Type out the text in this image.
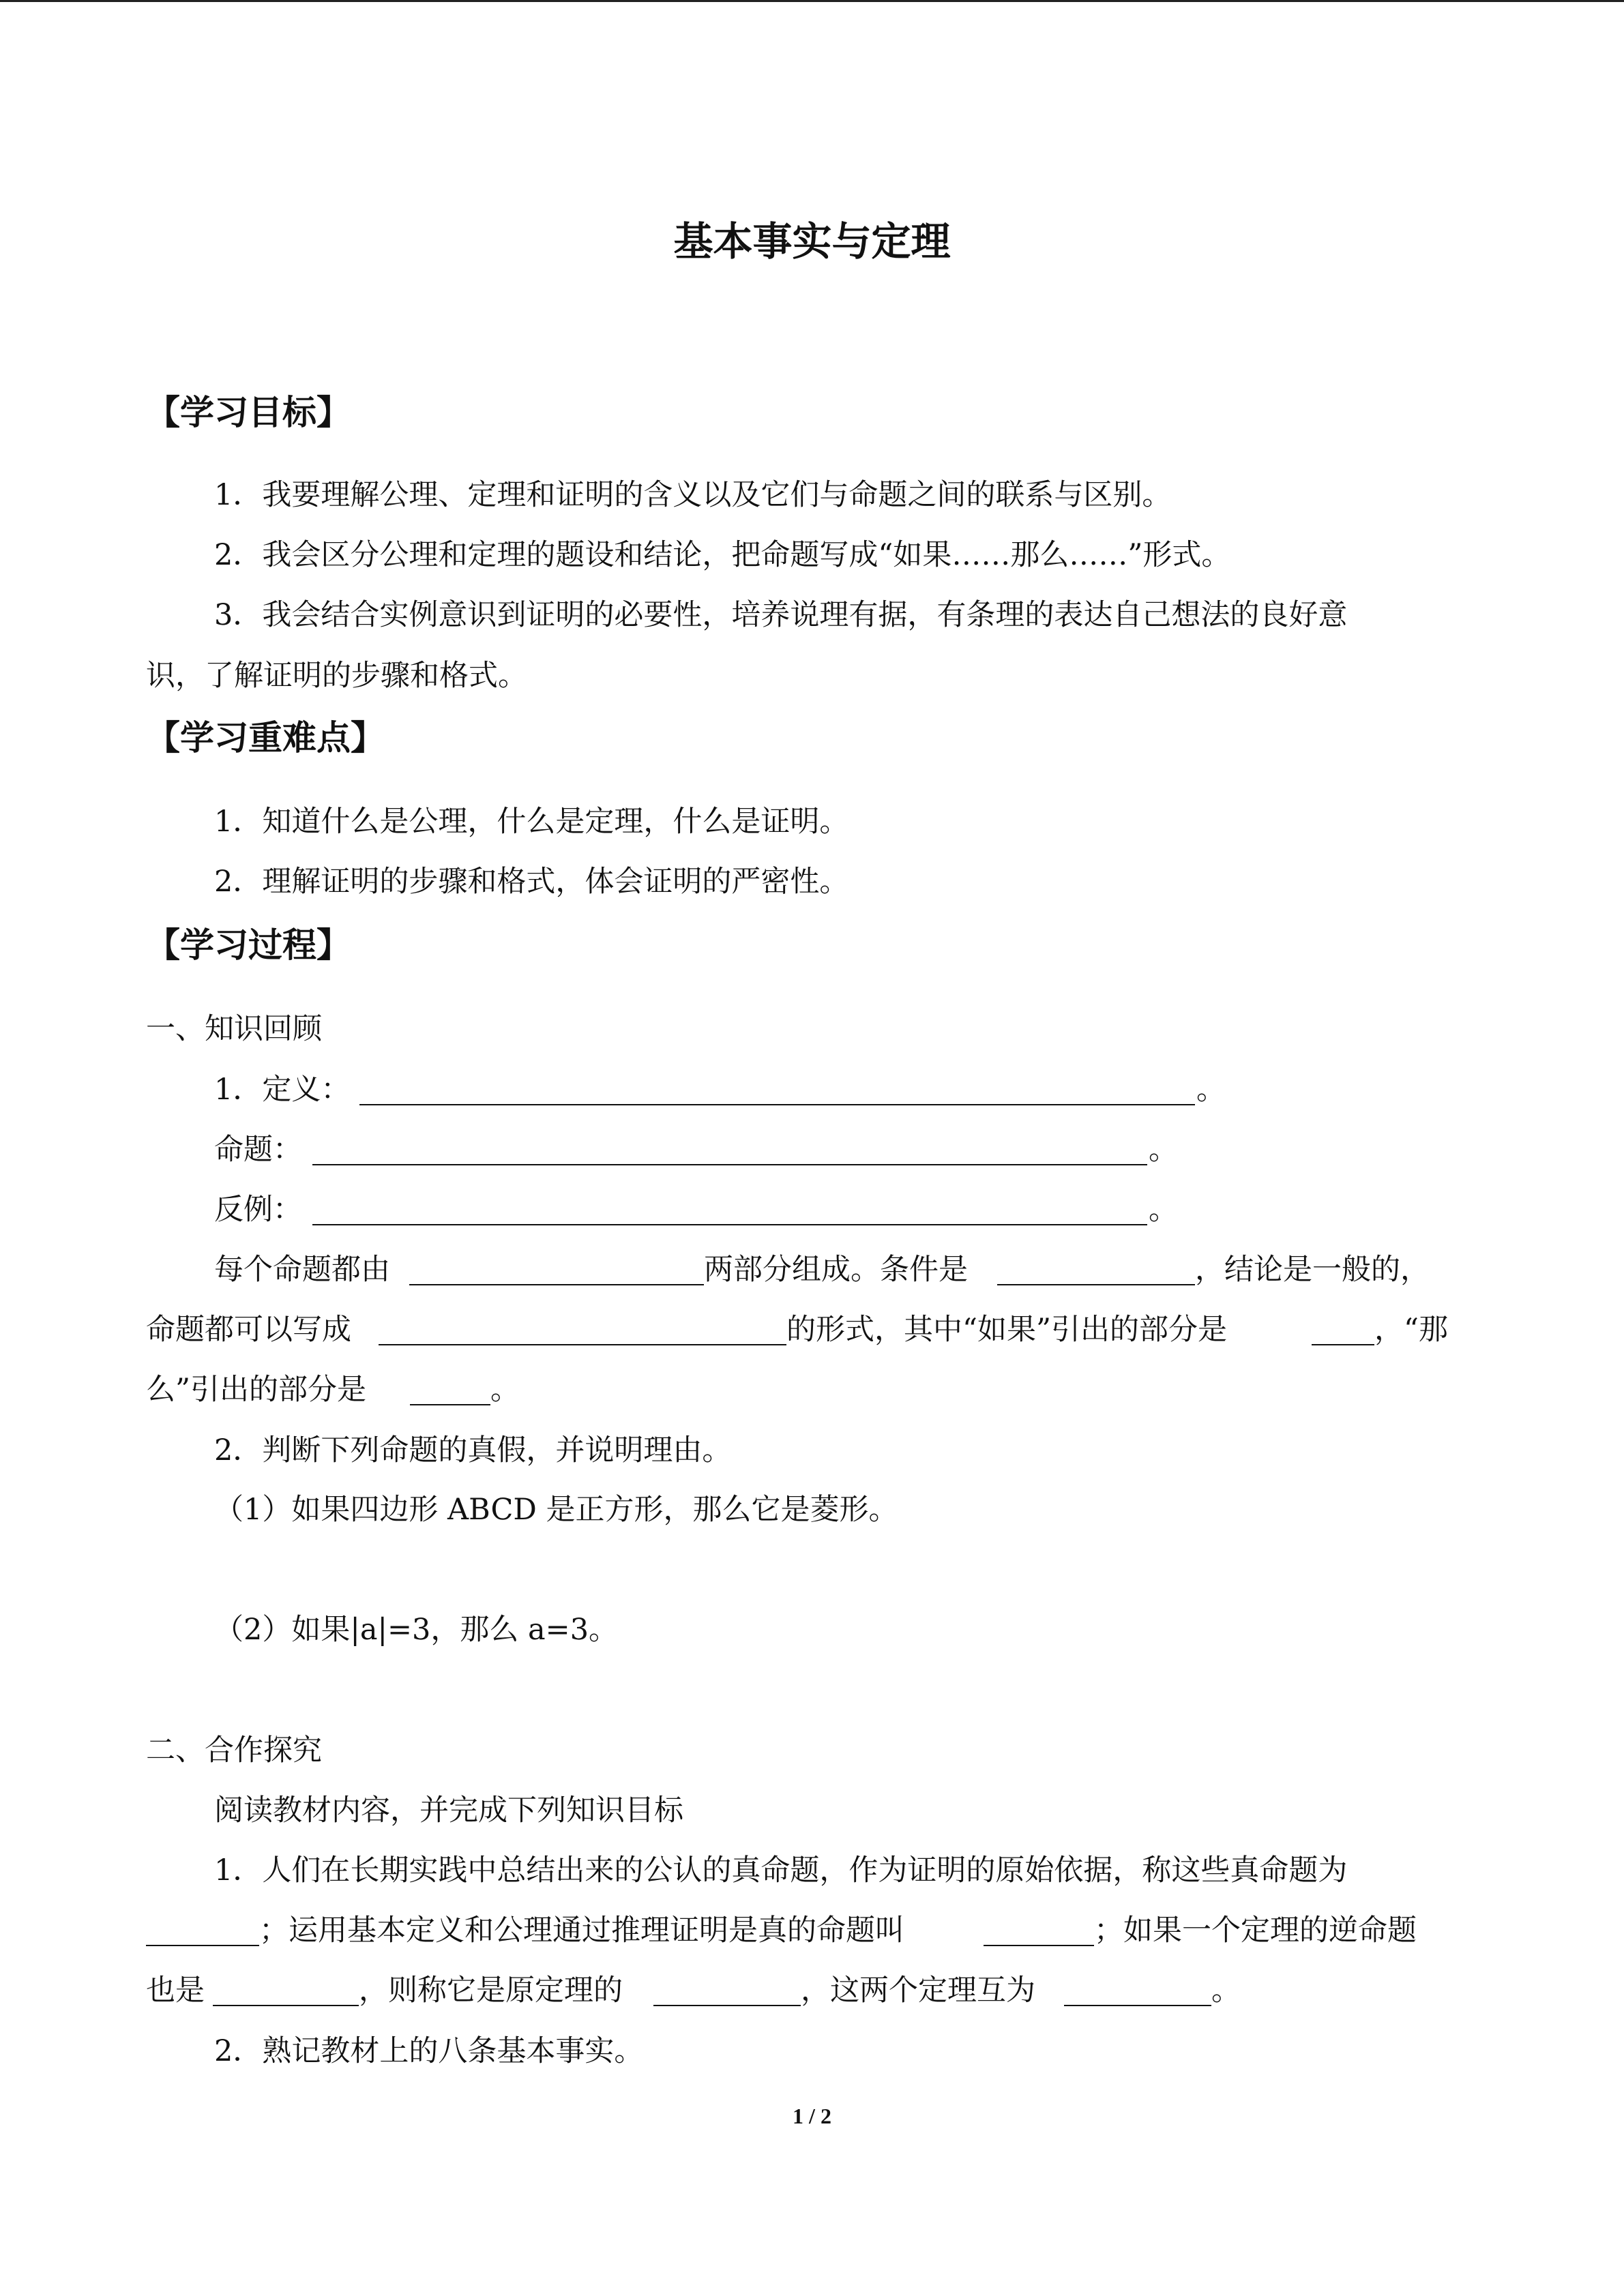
基本事实与定理
【学习目标】
1．我要理解公理、定理和证明的含义以及它们与命题之间的联系与区别。
2．我会区分公理和定理的题设和结论，把命题写成“如果……那么……”形式。
3．我会结合实例意识到证明的必要性，培养说理有据，有条理的表达自己想法的良好意
识，了解证明的步骤和格式。
【学习重难点】
1．知道什么是公理，什么是定理，什么是证明。
2．理解证明的步骤和格式，体会证明的严密性。
【学习过程】
一、知识回顾
1．定义：	。
命题：	。
反例：	。
每个命题都由	两部分组成。条件是	，结论是一般的，
命题都可以写成	的形式，其中“如果”引出的部分是	，“那
么”引出的部分是	。
2．判断下列命题的真假，并说明理由。
（1）如果四边形 ABCD 是正方形，那么它是菱形。
（2）如果|a|=3，那么 a=3。
二、合作探究
阅读教材内容，并完成下列知识目标
1．人们在长期实践中总结出来的公认的真命题，作为证明的原始依据，称这些真命题为
；运用基本定义和公理通过推理证明是真的命题叫	；如果一个定理的逆命题
也是	，则称它是原定理的	，这两个定理互为	。
2．熟记教材上的八条基本事实。
1 / 2
